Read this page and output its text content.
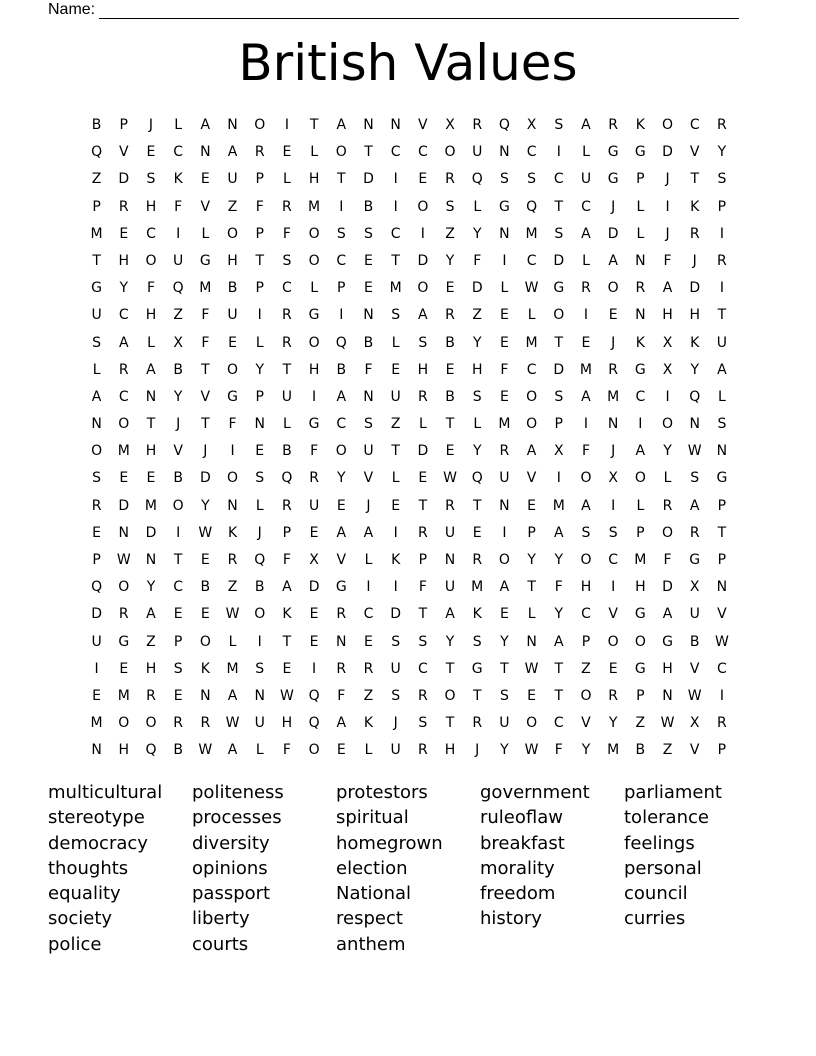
Name:
British Values
B	P	J	L	A	N	O	I	T	A	N	N	V	X	R	Q	X	S	A	R	K	O	C	R
Q	V	E	C	N	A	R	E	L	O	T	C	C	O	U	N	C	I	L	G	G	D	V	Y
Z	D	S	K	E	U	P	L	H	T	D	I	E	R	Q	S	S	C	U	G	P	J	T	S
P	R	H	F	V	Z	F	R	M	I	B	I	O	S	L	G	Q	T	C	J	L	I	K	P
M	E	C	I	L	O	P	F	O	S	S	C	I	Z	Y	N	M	S	A	D	L	J	R	I
T	H	O	U	G	H	T	S	O	C	E	T	D	Y	F	I	C	D	L	A	N	F	J	R
G	Y	F	Q	M	B	P	C	L	P	E	M	O	E	D	L	W	G	R	O	R	A	D	I
U	C	H	Z	F	U	I	R	G	I	N	S	A	R	Z	E	L	O	I	E	N	H	H	T
S	A	L	X	F	E	L	R	O	Q	B	L	S	B	Y	E	M	T	E	J	K	X	K	U
L	R	A	B	T	O	Y	T	H	B	F	E	H	E	H	F	C	D	M	R	G	X	Y	A
A	C	N	Y	V	G	P	U	I	A	N	U	R	B	S	E	O	S	A	M	C	I	Q	L
N	O	T	J	T	F	N	L	G	C	S	Z	L	T	L	M	O	P	I	N	I	O	N	S
O	M	H	V	J	I	E	B	F	O	U	T	D	E	Y	R	A	X	F	J	A	Y	W	N
S	E	E	B	D	O	S	Q	R	Y	V	L	E	W	Q	U	V	I	O	X	O	L	S	G
R	D	M	O	Y	N	L	R	U	E	J	E	T	R	T	N	E	M	A	I	L	R	A	P
E	N	D	I	W	K	J	P	E	A	A	I	R	U	E	I	P	A	S	S	P	O	R	T
P	W	N	T	E	R	Q	F	X	V	L	K	P	N	R	O	Y	Y	O	C	M	F	G	P
Q	O	Y	C	B	Z	B	A	D	G	I	I	F	U	M	A	T	F	H	I	H	D	X	N
D	R	A	E	E	W	O	K	E	R	C	D	T	A	K	E	L	Y	C	V	G	A	U	V
U	G	Z	P	O	L	I	T	E	N	E	S	S	Y	S	Y	N	A	P	O	O	G	B	W
I	E	H	S	K	M	S	E	I	R	R	U	C	T	G	T	W	T	Z	E	G	H	V	C
E	M	R	E	N	A	N	W	Q	F	Z	S	R	O	T	S	E	T	O	R	P	N	W	I
M	O	O	R	R	W	U	H	Q	A	K	J	S	T	R	U	O	C	V	Y	Z	W	X	R
N	H	Q	B	W	A	L	F	O	E	L	U	R	H	J	Y	W	F	Y	M	B	Z	V	P
multicultural
stereotype
democracy
thoughts
equality
society
police
politeness
processes
diversity
opinions
passport
liberty
courts
protestors
spiritual
homegrown
election
National
respect
anthem
government
ruleoflaw
breakfast
morality
freedom
history
parliament
tolerance
feelings
personal
council
curries
